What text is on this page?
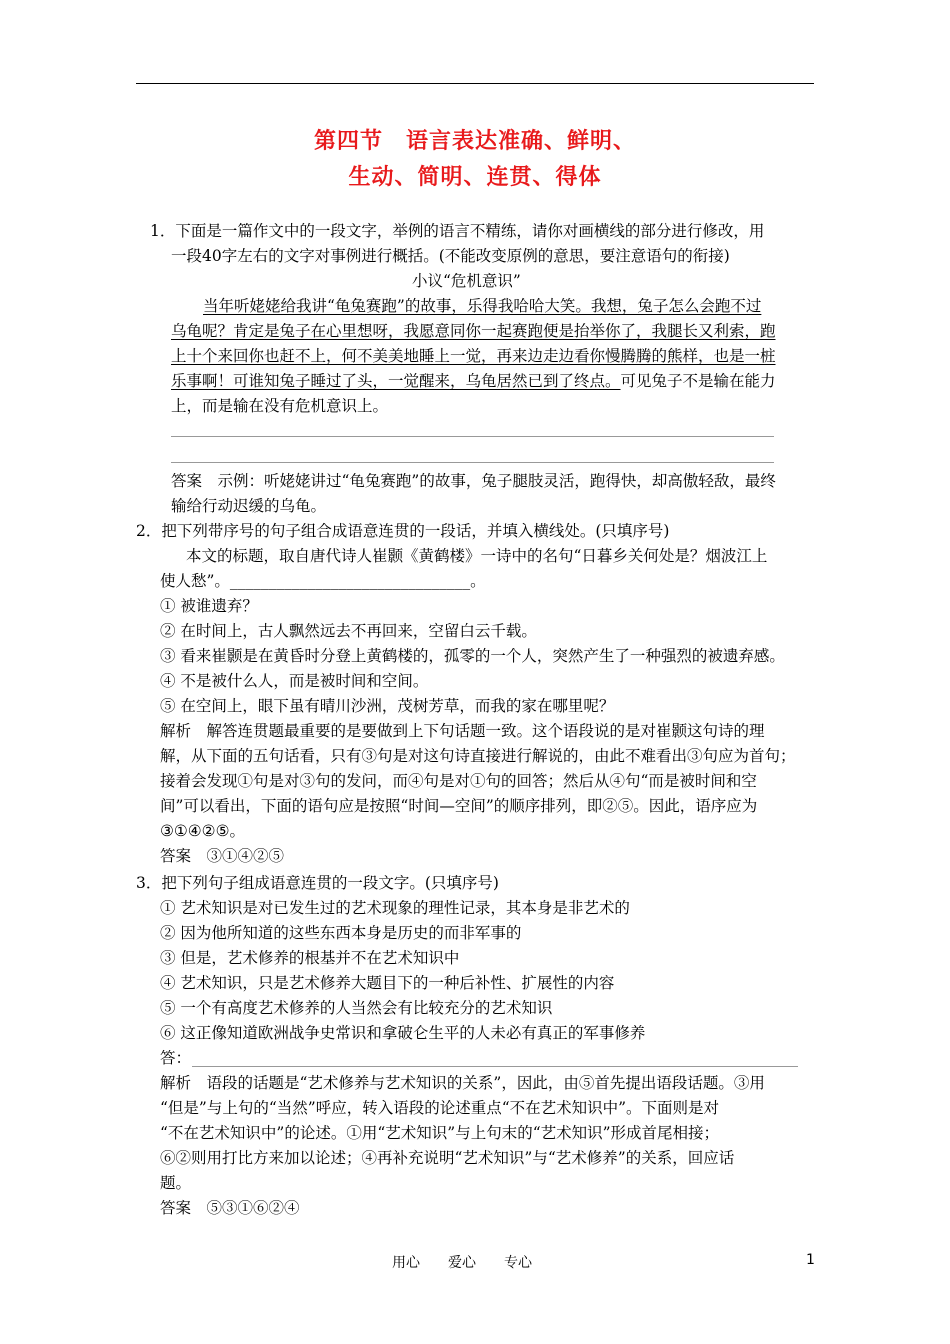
第四节　语言表达准确、鲜明、
生动、简明、连贯、得体
1．下面是一篇作文中的一段文字，举例的语言不精练，请你对画横线的部分进行修改，用
一段40字左右的文字对事例进行概括。(不能改变原例的意思，要注意语句的衔接)
小议“危机意识”
当年听姥姥给我讲“龟兔赛跑”的故事，乐得我哈哈大笑。我想，兔子怎么会跑不过
乌龟呢？肯定是兔子在心里想呀，我愿意同你一起赛跑便是抬举你了，我腿长又利索，跑
上十个来回你也赶不上，何不美美地睡上一觉，再来边走边看你慢腾腾的熊样，也是一桩
乐事啊！可谁知兔子睡过了头，一觉醒来，乌龟居然已到了终点。可见兔子不是输在能力
上，而是输在没有危机意识上。
答案　示例：听姥姥讲过“龟兔赛跑”的故事，兔子腿肢灵活，跑得快，却高傲轻敌，最终
输给行动迟缓的乌龟。
2．把下列带序号的句子组合成语意连贯的一段话，并填入横线处。(只填序号)
本文的标题，取自唐代诗人崔颢《黄鹤楼》一诗中的名句“日暮乡关何处是？烟波江上
使人愁”。_______________________________。
① 被谁遗弃？
② 在时间上，古人飘然远去不再回来，空留白云千载。
③ 看来崔颢是在黄昏时分登上黄鹤楼的，孤零的一个人，突然产生了一种强烈的被遗弃感。
④ 不是被什么人，而是被时间和空间。
⑤ 在空间上，眼下虽有晴川沙洲，茂树芳草，而我的家在哪里呢？
解析　解答连贯题最重要的是要做到上下句话题一致。这个语段说的是对崔颢这句诗的理
解，从下面的五句话看，只有③句是对这句诗直接进行解说的，由此不难看出③句应为首句；
接着会发现①句是对③句的发问，而④句是对①句的回答；然后从④句“而是被时间和空
间”可以看出，下面的语句应是按照“时间—空间”的顺序排列，即②⑤。因此，语序应为
③①④②⑤。
答案　③①④②⑤
3．把下列句子组成语意连贯的一段文字。(只填序号)
① 艺术知识是对已发生过的艺术现象的理性记录，其本身是非艺术的
② 因为他所知道的这些东西本身是历史的而非军事的
③ 但是，艺术修养的根基并不在艺术知识中
④ 艺术知识，只是艺术修养大题目下的一种后补性、扩展性的内容
⑤ 一个有高度艺术修养的人当然会有比较充分的艺术知识
⑥ 这正像知道欧洲战争史常识和拿破仑生平的人未必有真正的军事修养
答：
解析　语段的话题是“艺术修养与艺术知识的关系”，因此，由⑤首先提出语段话题。③用
“但是”与上句的“当然”呼应，转入语段的论述重点“不在艺术知识中”。下面则是对
“不在艺术知识中”的论述。①用“艺术知识”与上句末的“艺术知识”形成首尾相接；
⑥②则用打比方来加以论述；④再补充说明“艺术知识”与“艺术修养”的关系，回应话
题。
答案　⑤③①⑥②④
用心　　爱心　　专心	1
